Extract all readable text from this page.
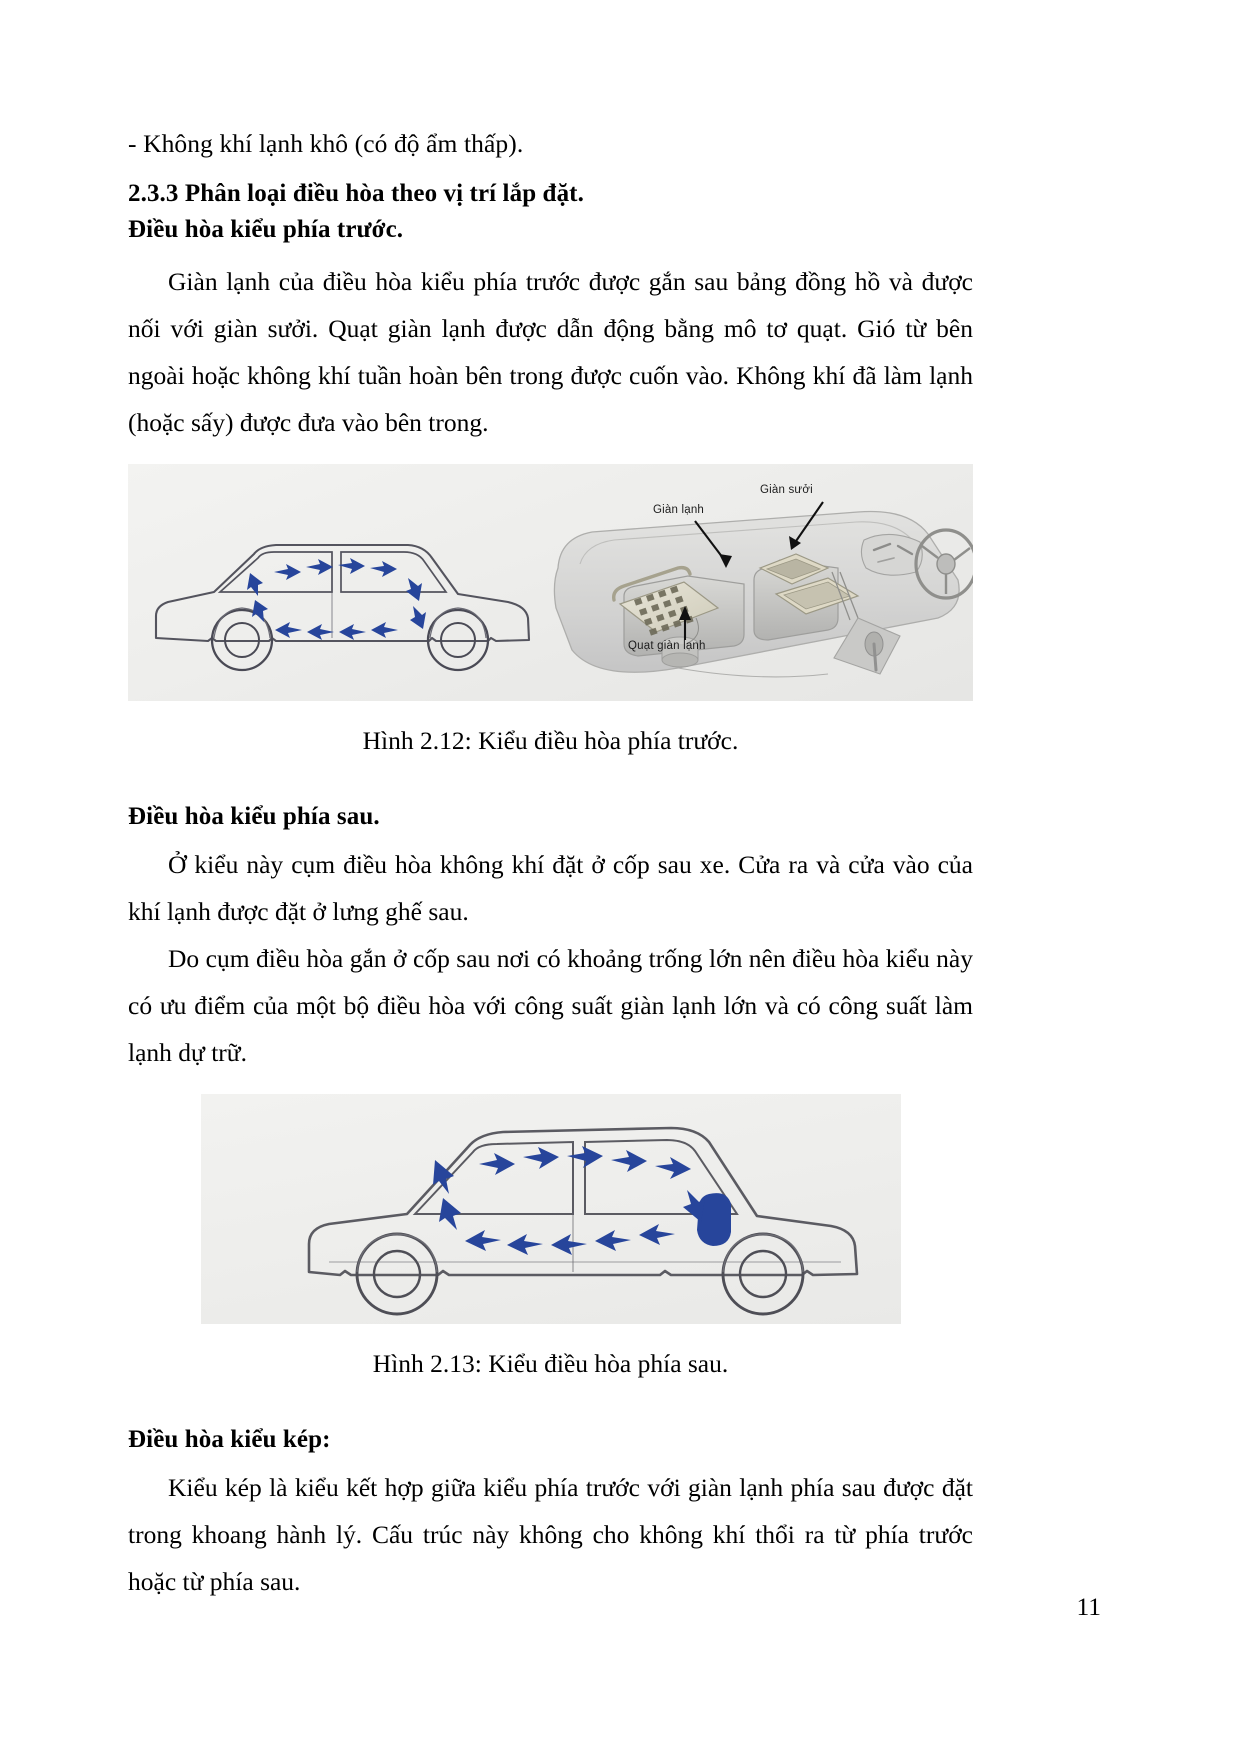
- Không khí lạnh khô (có độ ẩm thấp).
2.3.3 Phân loại điều hòa theo vị trí lắp đặt.
Điều hòa kiểu phía trước.

Giàn lạnh của điều hòa kiểu phía trước được gắn sau bảng đồng hồ và được nối với giàn sưởi. Quạt giàn lạnh được dẫn động bằng mô tơ quạt. Gió từ bên ngoài hoặc không khí tuần hoàn bên trong được cuốn vào. Không khí đã làm lạnh (hoặc sấy) được đưa vào bên trong.

Giàn lạnh
Giàn sưởi
Quạt giàn lạnh
Hình 2.12: Kiểu điều hòa phía trước.
Điều hòa kiểu phía sau.

Ở kiểu này cụm điều hòa không khí đặt ở cốp sau xe. Cửa ra và cửa vào của khí lạnh được đặt ở lưng ghế sau.

Do cụm điều hòa gắn ở cốp sau nơi có khoảng trống lớn nên điều hòa kiểu này có ưu điểm của một bộ điều hòa với công suất giàn lạnh lớn và có công suất làm lạnh dự trữ.

Hình 2.13: Kiểu điều hòa phía sau.
Điều hòa kiểu kép:

Kiểu kép là kiểu kết hợp giữa kiểu phía trước với giàn lạnh phía sau được đặt trong khoang hành lý. Cấu trúc này không cho không khí thổi ra từ phía trước hoặc từ phía sau.

11
